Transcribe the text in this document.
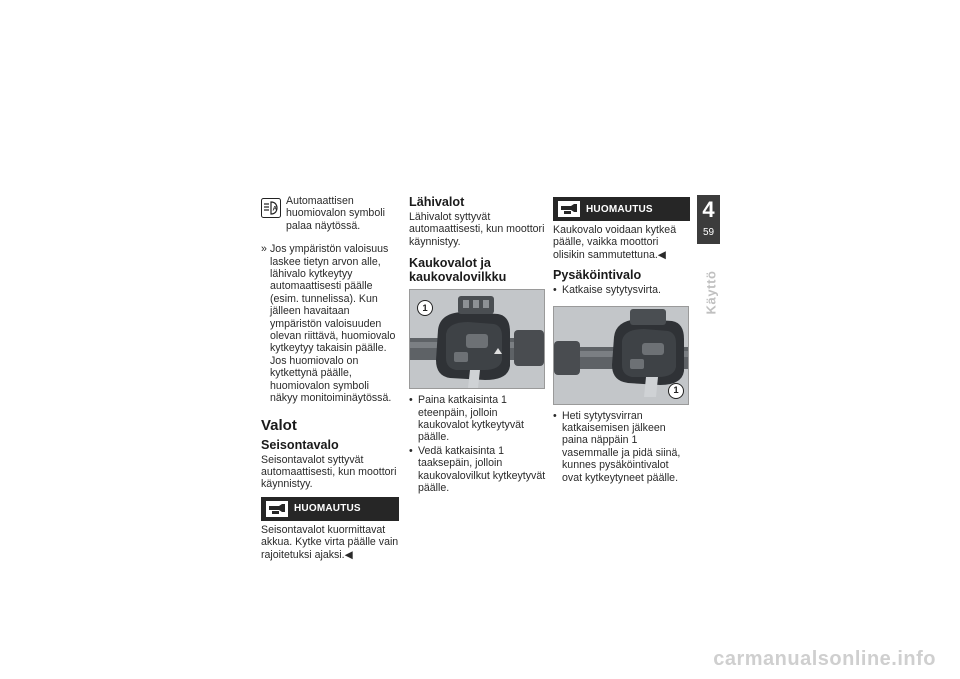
A
Automaattisen huomiovalon symboli palaa näytössä.
» Jos ympäristön valoisuus laskee tietyn arvon alle, lähivalo kytkeytyy automaattisesti päälle (esim. tunnelissa). Kun jälleen havaitaan ympäristön valoisuuden olevan riittävä, huomiovalo kytkeytyy takaisin päälle. Jos huomiovalo on kytkettynä päälle, huomiovalon symboli näkyy monitoiminäytössä.
Valot
Seisontavalo
Seisontavalot syttyvät automaattisesti, kun moottori käynnistyy.
HUOMAUTUS
Seisontavalot kuormittavat akkua. Kytke virta päälle vain rajoitetuksi ajaksi.◀
Lähivalot
Lähivalot syttyvät automaattisesti, kun moottori käynnistyy.
Kaukovalot ja kaukovalovilkku
1
• Paina katkaisinta 1 eteenpäin, jolloin kaukovalot kytkeytyvät päälle.
• Vedä katkaisinta 1 taaksepäin, jolloin kaukovalovilkut kytkeytyvät päälle.
HUOMAUTUS
Kaukovalo voidaan kytkeä päälle, vaikka moottori olisikin sammutettuna.◀
Pysäköintivalo
• Katkaise sytytysvirta.
1
• Heti sytytysvirran katkaisemisen jälkeen paina näppäin 1 vasemmalle ja pidä siinä, kunnes pysäköintivalot ovat kytkeytyneet päälle.
4
59
Käyttö
carmanualsonline.info
